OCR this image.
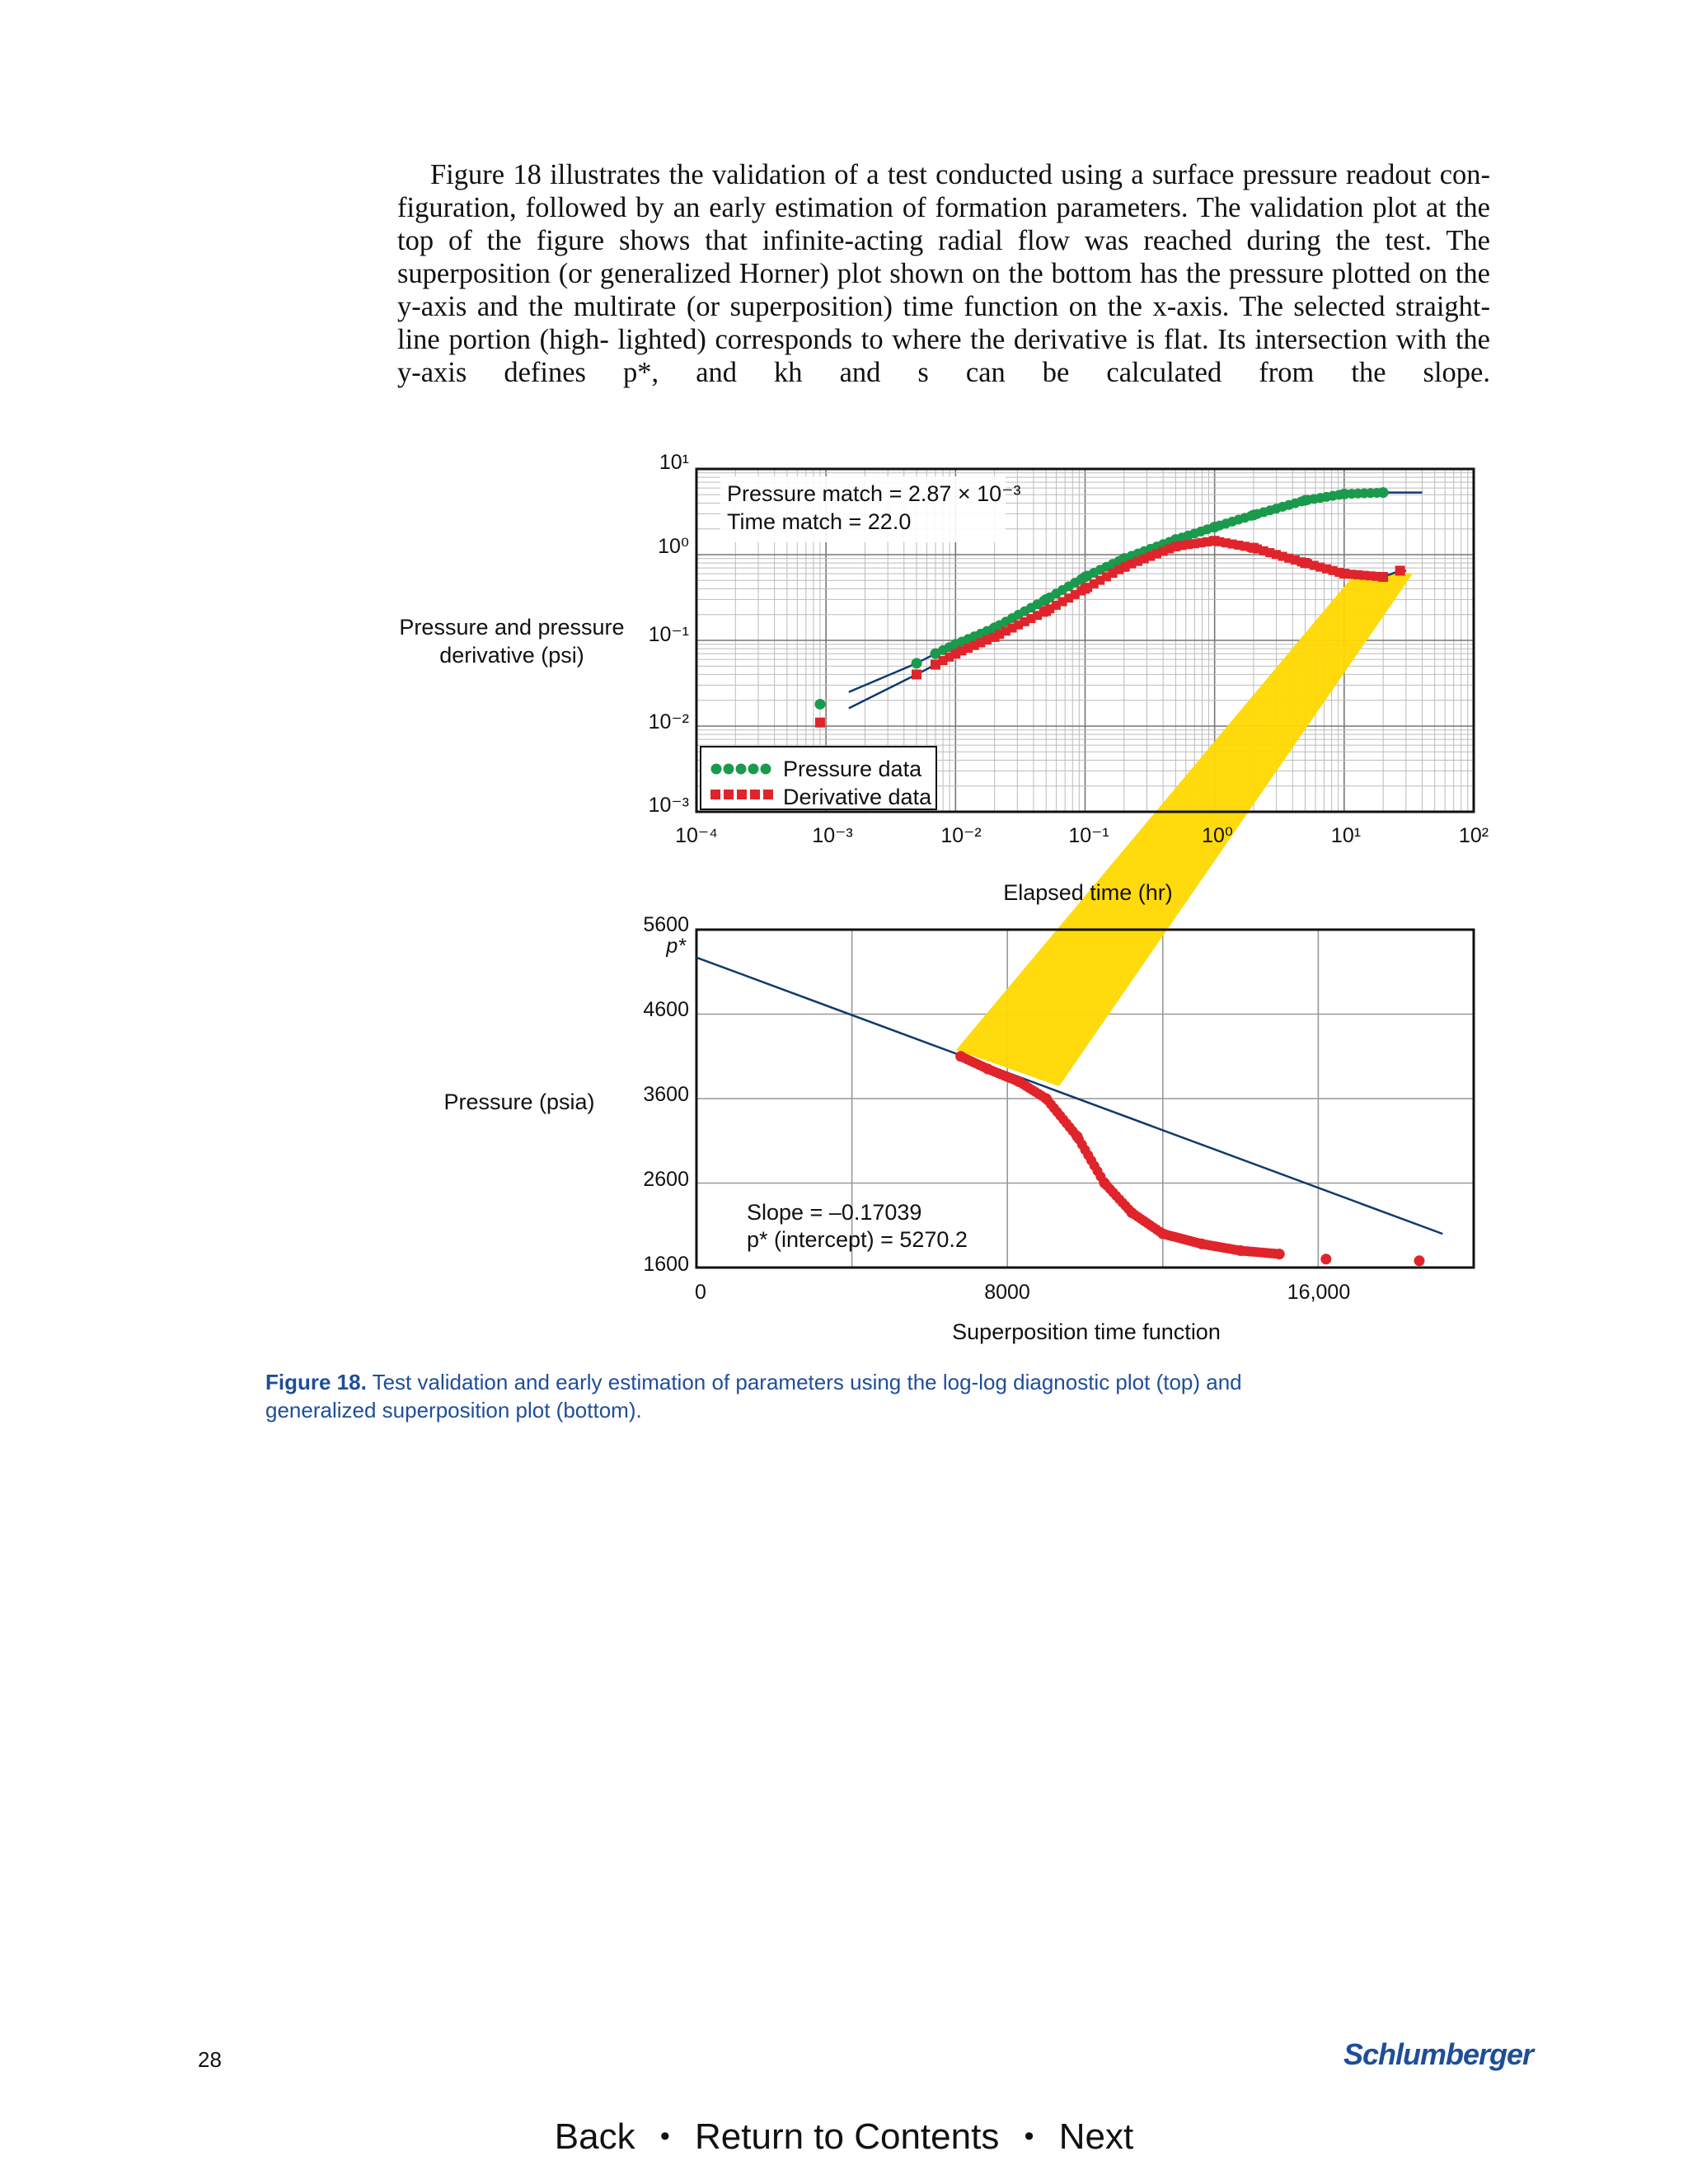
Figure 18 illustrates the validation of a test conducted using a surface pressure readout con- figuration, followed by an early estimation of formation parameters. The validation plot at the top of the figure shows that infinite-acting radial flow was reached during the test. The superposition (or generalized Horner) plot shown on the bottom has the pressure plotted on the y-axis and the multirate (or superposition) time function on the x-axis. The selected straight-line portion (high- lighted) corresponds to where the derivative is flat. Its intersection with the y-axis defines p*, and kh and s can be calculated from the slope.

Pressure match = 2.87 × 10⁻³
Time match = 22.0
Pressure data
Derivative data
10¹
10⁰
10⁻¹
10⁻²
10⁻³
10⁻⁴	10⁻³	10⁻²	10⁻¹	10⁰	10¹	10²
Pressure and pressure
derivative (psi)
Elapsed time (hr)
Slope = –0.17039
p* (intercept) = 5270.2
5600
p*
4600
3600
2600
1600
0	8000	16,000
Pressure (psia)
Superposition time function
Figure 18. Test validation and early estimation of parameters using the log-log diagnostic plot (top) and generalized superposition plot (bottom).
28	Schlumberger
Back • Return to Contents • Next
